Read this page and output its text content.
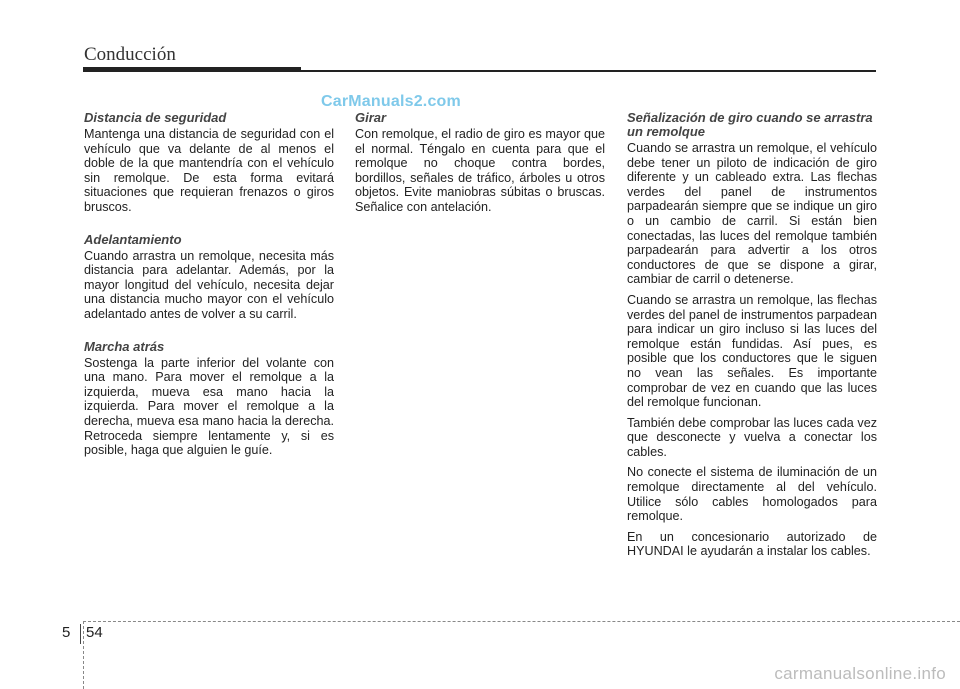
Conducción
CarManuals2.com
Distancia de seguridad

Mantenga una distancia de seguridad con el vehículo que va delante de al menos el doble de la que mantendría con el vehículo sin remolque. De esta forma evitará situaciones que requieran frenazos o giros bruscos.

Adelantamiento

Cuando arrastra un remolque, necesita más distancia para adelantar. Además, por la mayor longitud del vehículo, necesita dejar una distancia mucho mayor con el vehículo adelantado antes de volver a su carril.

Marcha atrás

Sostenga la parte inferior del volante con una mano. Para mover el remolque a la izquierda, mueva esa mano hacia la izquierda. Para mover el remolque a la derecha, mueva esa mano hacia la derecha. Retroceda siempre lentamente y, si es posible, haga que alguien le guíe.

Girar

Con remolque, el radio de giro es mayor que el normal. Téngalo en cuenta para que el remolque no choque contra bordes, bordillos, señales de tráfico, árboles u otros objetos. Evite maniobras súbitas o bruscas. Señalice con antelación.

Señalización de giro cuando se arrastra un remolque

Cuando se arrastra un remolque, el vehículo debe tener un piloto de indicación de giro diferente y un cableado extra. Las flechas verdes del panel de instrumentos parpadearán siempre que se indique un giro o un cambio de carril. Si están bien conectadas, las luces del remolque también parpadearán para advertir a los otros conductores de que se dispone a girar, cambiar de carril o detenerse.

Cuando se arrastra un remolque, las flechas verdes del panel de instrumentos parpadean para indicar un giro incluso si las luces del remolque están fundidas. Así pues, es posible que los conductores que le siguen no vean las señales. Es importante comprobar de vez en cuando que las luces del remolque funcionan.

También debe comprobar las luces cada vez que desconecte y vuelva a conectar los cables.

No conecte el sistema de iluminación de un remolque directamente al del vehículo. Utilice sólo cables homologados para remolque.

En un concesionario autorizado de HYUNDAI le ayudarán a instalar los cables.

5 54
carmanualsonline.info
